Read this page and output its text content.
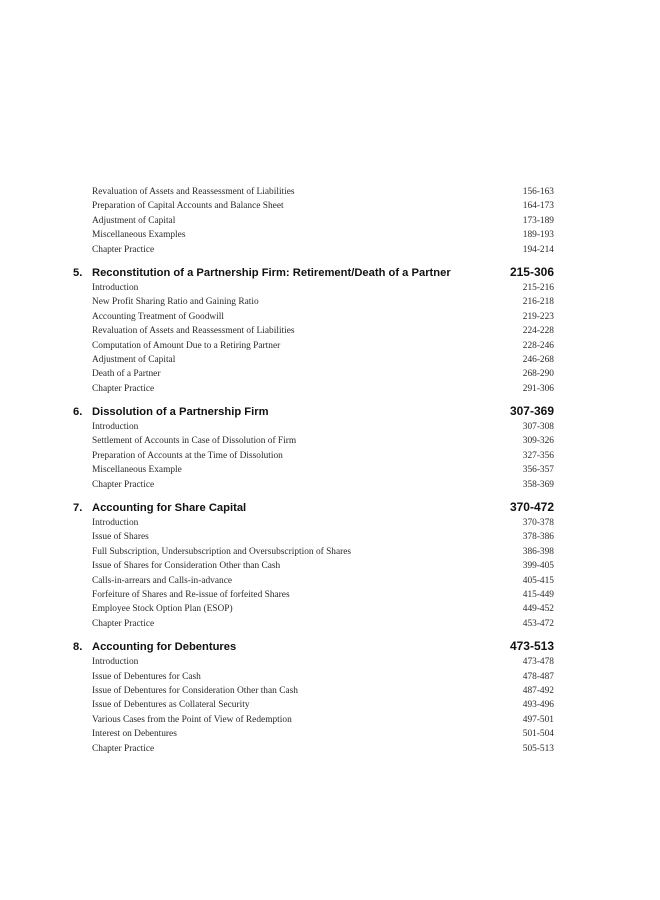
Revaluation of Assets and Reassessment of Liabilities	156-163
Preparation of Capital Accounts and Balance Sheet	164-173
Adjustment of Capital	173-189
Miscellaneous Examples	189-193
Chapter Practice	194-214
5. Reconstitution of a Partnership Firm: Retirement/Death of a Partner	215-306
Introduction	215-216
New Profit Sharing Ratio and Gaining Ratio	216-218
Accounting Treatment of Goodwill	219-223
Revaluation of Assets and Reassessment of Liabilities	224-228
Computation of Amount Due to a Retiring Partner	228-246
Adjustment of Capital	246-268
Death of a Partner	268-290
Chapter Practice	291-306
6. Dissolution of a Partnership Firm	307-369
Introduction	307-308
Settlement of Accounts in Case of Dissolution of Firm	309-326
Preparation of Accounts at the Time of Dissolution	327-356
Miscellaneous Example	356-357
Chapter Practice	358-369
7. Accounting for Share Capital	370-472
Introduction	370-378
Issue of Shares	378-386
Full Subscription, Undersubscription and Oversubscription of Shares	386-398
Issue of Shares for Consideration Other than Cash	399-405
Calls-in-arrears and Calls-in-advance	405-415
Forfeiture of Shares and Re-issue of forfeited Shares	415-449
Employee Stock Option Plan (ESOP)	449-452
Chapter Practice	453-472
8. Accounting for Debentures	473-513
Introduction	473-478
Issue of Debentures for Cash	478-487
Issue of Debentures for Consideration Other than Cash	487-492
Issue of Debentures as Collateral Security	493-496
Various Cases from the Point of View of Redemption	497-501
Interest on Debentures	501-504
Chapter Practice	505-513
